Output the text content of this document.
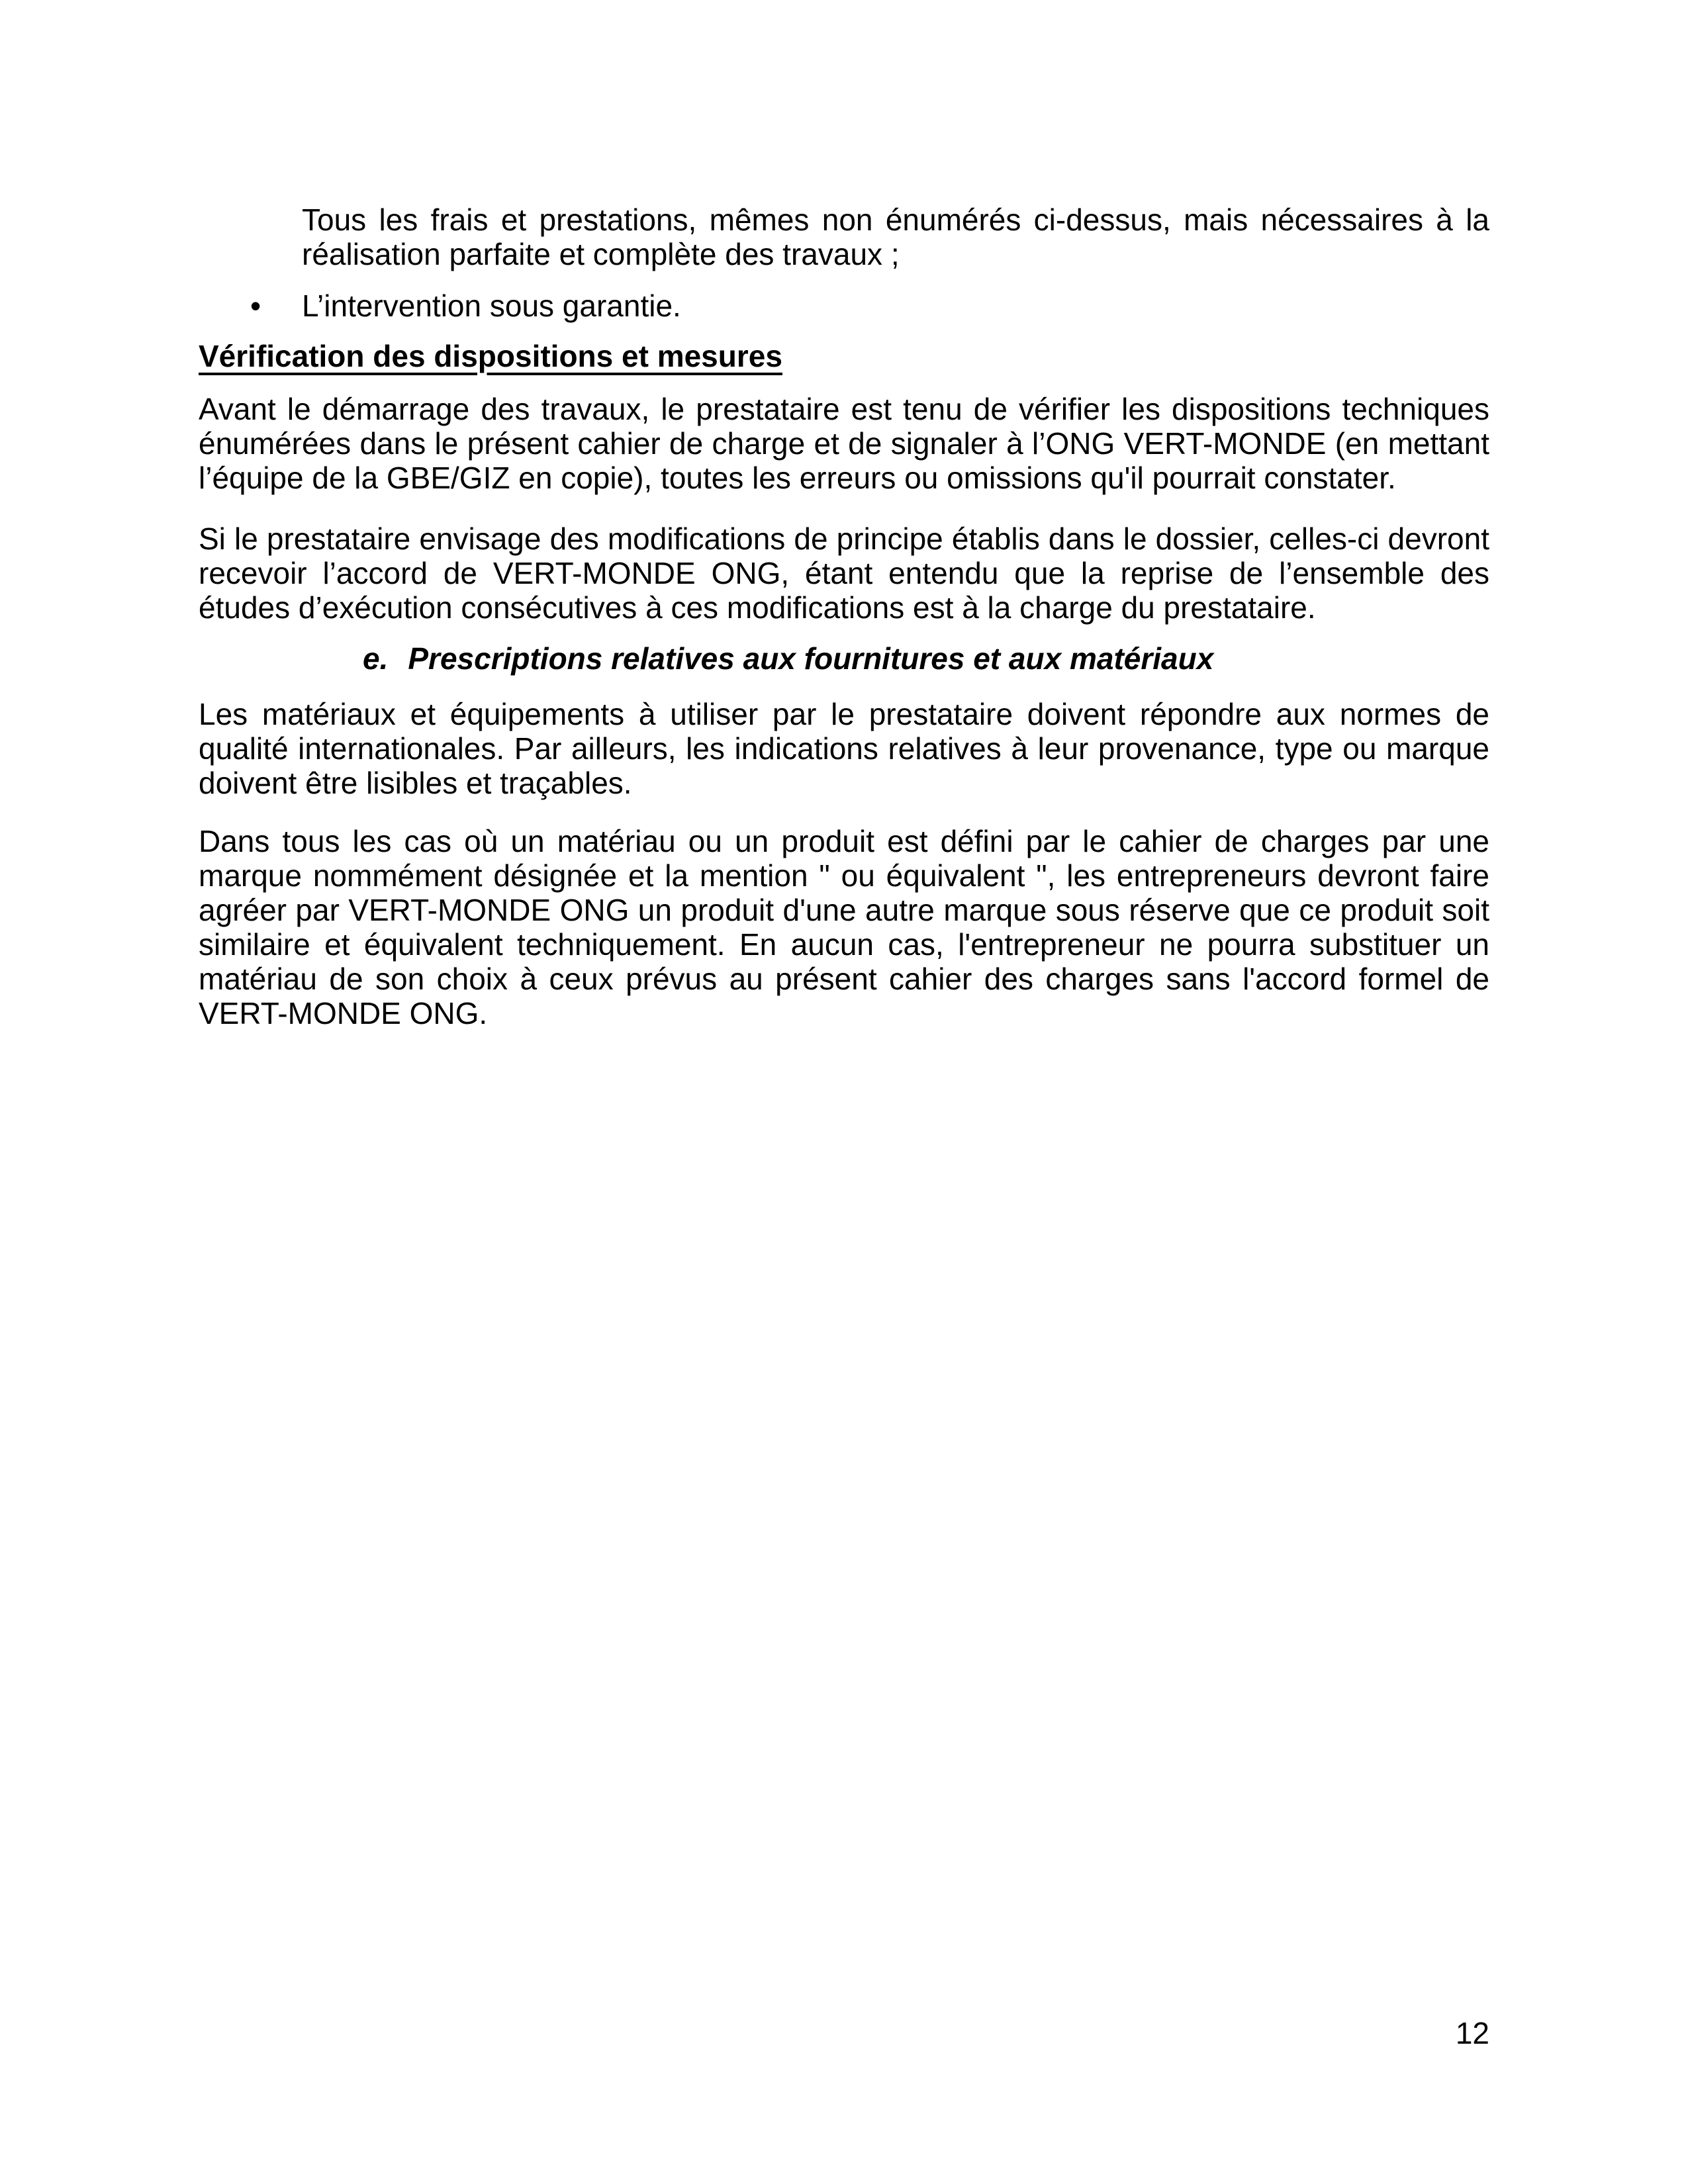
Tous les frais et prestations, mêmes non énumérés ci-dessus, mais nécessaires à la réalisation parfaite et complète des travaux ;

•	L’intervention sous garantie.
Vérification des dispositions et mesures

Avant le démarrage des travaux, le prestataire est tenu de vérifier les dispositions techniques énumérées dans le présent cahier de charge et de signaler à l’ONG VERT-MONDE (en mettant l’équipe de la GBE/GIZ en copie), toutes les erreurs ou omissions qu'il pourrait constater.

Si le prestataire envisage des modifications de principe établis dans le dossier, celles-ci devront recevoir l’accord de VERT-MONDE ONG, étant entendu que la reprise de l’ensemble des études d’exécution consécutives à ces modifications est à la charge du prestataire.

e. Prescriptions relatives aux fournitures et aux matériaux

Les matériaux et équipements à utiliser par le prestataire doivent répondre aux normes de qualité internationales. Par ailleurs, les indications relatives à leur provenance, type ou marque doivent être lisibles et traçables.

Dans tous les cas où un matériau ou un produit est défini par le cahier de charges par une marque nommément désignée et la mention " ou équivalent ", les entrepreneurs devront faire agréer par VERT-MONDE ONG un produit d'une autre marque sous réserve que ce produit soit similaire et équivalent techniquement. En aucun cas, l'entrepreneur ne pourra substituer un matériau de son choix à ceux prévus au présent cahier des charges sans l'accord formel de VERT-MONDE ONG.

12
